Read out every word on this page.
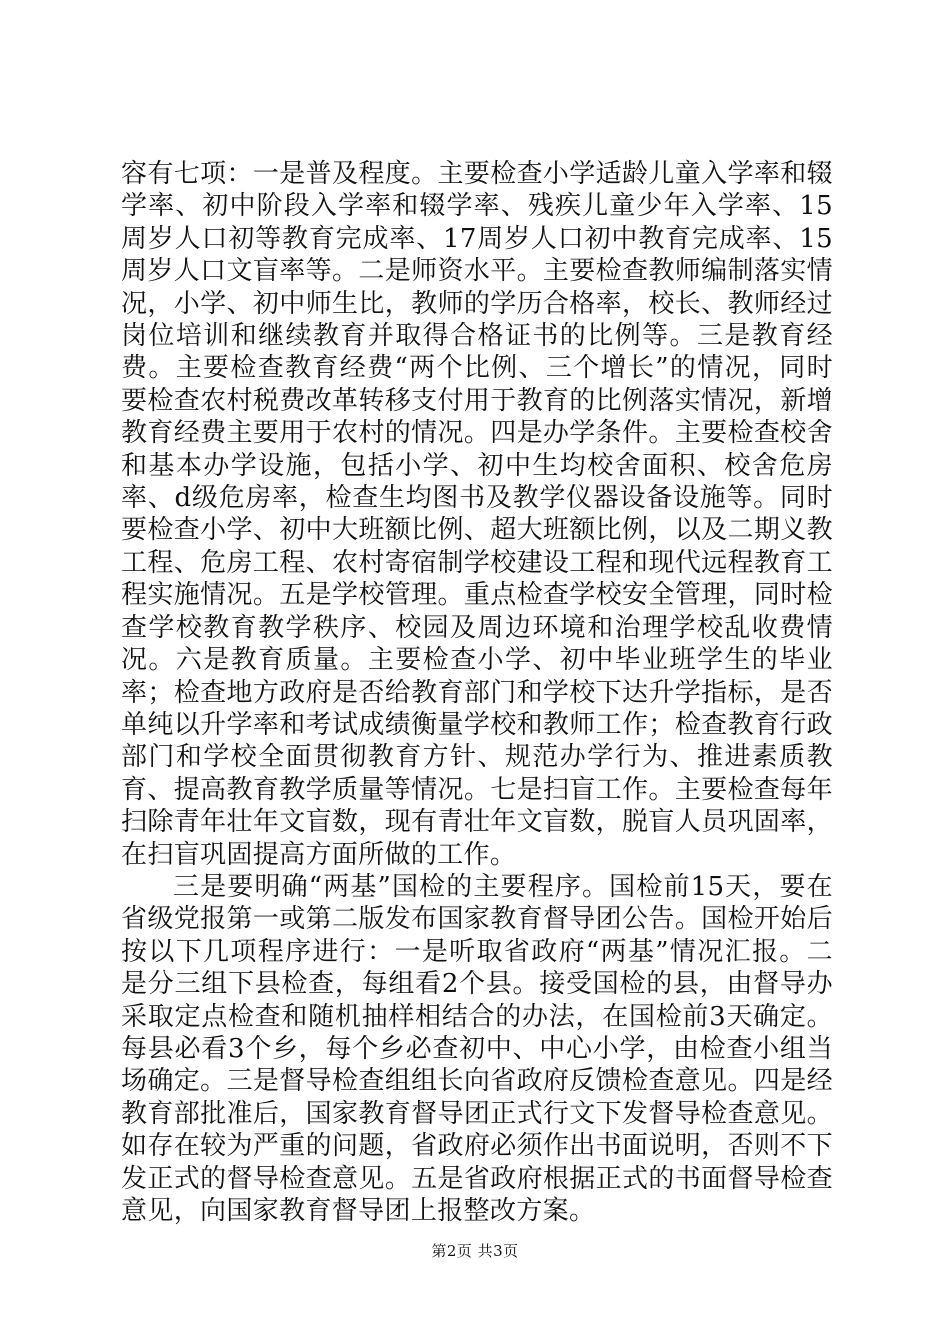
容有七项：一是普及程度。主要检查小学适龄儿童入学率和辍学率、初中阶段入学率和辍学率、残疾儿童少年入学率、15周岁人口初等教育完成率、17周岁人口初中教育完成率、15周岁人口文盲率等。二是师资水平。主要检查教师编制落实情况，小学、初中师生比，教师的学历合格率，校长、教师经过岗位培训和继续教育并取得合格证书的比例等。三是教育经费。主要检查教育经费“两个比例、三个增长”的情况，同时要检查农村税费改革转移支付用于教育的比例落实情况，新增教育经费主要用于农村的情况。四是办学条件。主要检查校舍和基本办学设施，包括小学、初中生均校舍面积、校舍危房率、d级危房率，检查生均图书及教学仪器设备设施等。同时要检查小学、初中大班额比例、超大班额比例，以及二期义教工程、危房工程、农村寄宿制学校建设工程和现代远程教育工程实施情况。五是学校管理。重点检查学校安全管理，同时检查学校教育教学秩序、校园及周边环境和治理学校乱收费情况。六是教育质量。主要检查小学、初中毕业班学生的毕业率；检查地方政府是否给教育部门和学校下达升学指标，是否单纯以升学率和考试成绩衡量学校和教师工作；检查教育行政部门和学校全面贯彻教育方针、规范办学行为、推进素质教育、提高教育教学质量等情况。七是扫盲工作。主要检查每年扫除青年壮年文盲数，现有青壮年文盲数，脱盲人员巩固率，在扫盲巩固提高方面所做的工作。

三是要明确“两基”国检的主要程序。国检前15天，要在省级党报第一或第二版发布国家教育督导团公告。国检开始后按以下几项程序进行：一是听取省政府“两基”情况汇报。二是分三组下县检查，每组看2个县。接受国检的县，由督导办采取定点检查和随机抽样相结合的办法，在国检前3天确定。每县必看3个乡，每个乡必查初中、中心小学，由检查小组当场确定。三是督导检查组组长向省政府反馈检查意见。四是经教育部批准后，国家教育督导团正式行文下发督导检查意见。如存在较为严重的问题，省政府必须作出书面说明，否则不下发正式的督导检查意见。五是省政府根据正式的书面督导检查意见，向国家教育督导团上报整改方案。

第2页 共3页
